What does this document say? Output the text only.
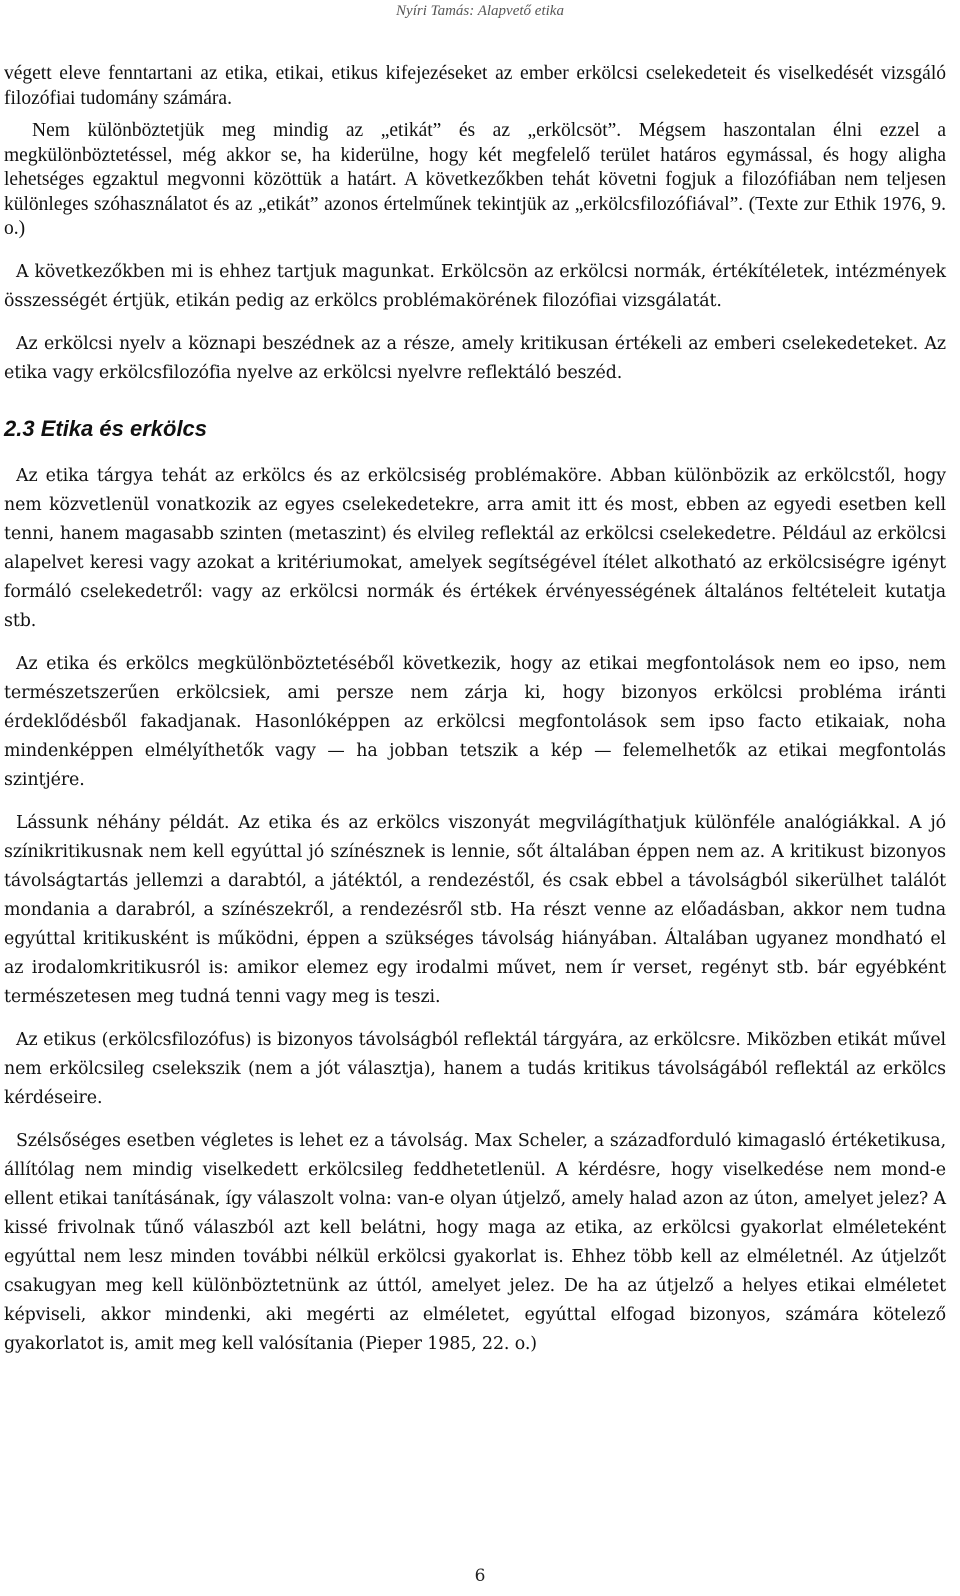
Nyíri Tamás: Alapvető etika

végett eleve fenntartani az etika, etikai, etikus kifejezéseket az ember erkölcsi cselekedeteit és viselkedését vizsgáló filozófiai tudomány számára.

Nem különböztetjük meg mindig az „etikát” és az „erkölcsöt”. Mégsem haszontalan élni ezzel a megkülönböztetéssel, még akkor se, ha kiderülne, hogy két megfelelő terület határos egymással, és hogy aligha lehetséges egzaktul megvonni közöttük a határt. A következőkben tehát követni fogjuk a filozófiában nem teljesen különleges szóhasználatot és az „etikát” azonos értelműnek tekintjük az „erkölcsfilozófiával”. (Texte zur Ethik 1976, 9. o.)

A következőkben mi is ehhez tartjuk magunkat. Erkölcsön az erkölcsi normák, értékítéletek, intézmények összességét értjük, etikán pedig az erkölcs problémakörének filozófiai vizsgálatát.

Az erkölcsi nyelv a köznapi beszédnek az a része, amely kritikusan értékeli az emberi cselekedeteket. Az etika vagy erkölcsfilozófia nyelve az erkölcsi nyelvre reflektáló beszéd.

2.3 Etika és erkölcs

Az etika tárgya tehát az erkölcs és az erkölcsiség problémaköre. Abban különbözik az erkölcstől, hogy nem közvetlenül vonatkozik az egyes cselekedetekre, arra amit itt és most, ebben az egyedi esetben kell tenni, hanem magasabb szinten (metaszint) és elvileg reflektál az erkölcsi cselekedetre. Például az erkölcsi alapelvet keresi vagy azokat a kritériumokat, amelyek segítségével ítélet alkotható az erkölcsiségre igényt formáló cselekedetről: vagy az erkölcsi normák és értékek érvényességének általános feltételeit kutatja stb.

Az etika és erkölcs megkülönböztetéséből következik, hogy az etikai megfontolások nem eo ipso, nem természetszerűen erkölcsiek, ami persze nem zárja ki, hogy bizonyos erkölcsi probléma iránti érdeklődésből fakadjanak. Hasonlóképpen az erkölcsi megfontolások sem ipso facto etikaiak, noha mindenképpen elmélyíthetők vagy — ha jobban tetszik a kép — felemelhetők az etikai megfontolás szintjére.

Lássunk néhány példát. Az etika és az erkölcs viszonyát megvilágíthatjuk különféle analógiákkal. A jó színikritikusnak nem kell egyúttal jó színésznek is lennie, sőt általában éppen nem az. A kritikust bizonyos távolságtartás jellemzi a darabtól, a játéktól, a rendezéstől, és csak ebbel a távolságból sikerülhet találót mondania a darabról, a színészekről, a rendezésről stb. Ha részt venne az előadásban, akkor nem tudna egyúttal kritikusként is működni, éppen a szükséges távolság hiányában. Általában ugyanez mondható el az irodalomkritikusról is: amikor elemez egy irodalmi művet, nem ír verset, regényt stb. bár egyébként természetesen meg tudná tenni vagy meg is teszi.

Az etikus (erkölcsfilozófus) is bizonyos távolságból reflektál tárgyára, az erkölcsre. Miközben etikát művel nem erkölcsileg cselekszik (nem a jót választja), hanem a tudás kritikus távolságából reflektál az erkölcs kérdéseire.

Szélsőséges esetben végletes is lehet ez a távolság. Max Scheler, a századforduló kimagasló értéketikusa, állítólag nem mindig viselkedett erkölcsileg feddhetetlenül. A kérdésre, hogy viselkedése nem mond-e ellent etikai tanításának, így válaszolt volna: van-e olyan útjelző, amely halad azon az úton, amelyet jelez? A kissé frivolnak tűnő válaszból azt kell belátni, hogy maga az etika, az erkölcsi gyakorlat elméleteként egyúttal nem lesz minden további nélkül erkölcsi gyakorlat is. Ehhez több kell az elméletnél. Az útjelzőt csakugyan meg kell különböztetnünk az úttól, amelyet jelez. De ha az útjelző a helyes etikai elméletet képviseli, akkor mindenki, aki megérti az elméletet, egyúttal elfogad bizonyos, számára kötelező gyakorlatot is, amit meg kell valósítania (Pieper 1985, 22. o.)

6
